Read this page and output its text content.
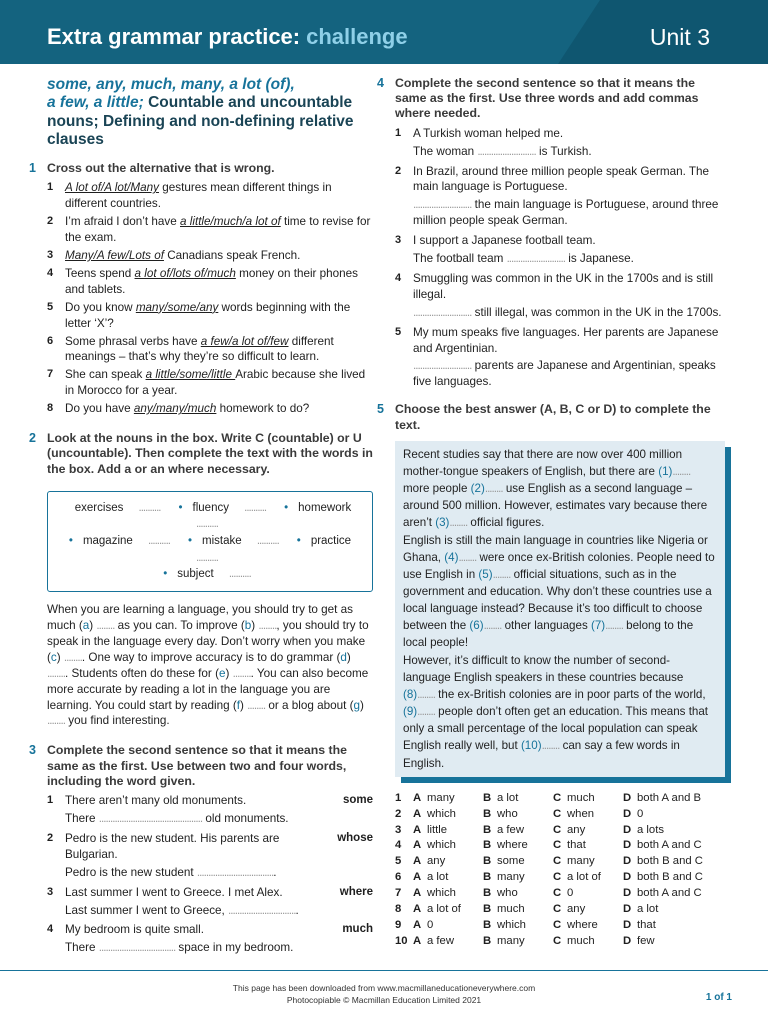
Extra grammar practice: challenge	Unit 3
some, any, much, many, a lot (of),
a few, a little; Countable and uncountable nouns; Defining and non-defining relative clauses
1 Cross out the alternative that is wrong.
1 A lot of/A lot/Many gestures mean different things in different countries.
2 I’m afraid I don’t have a little/much/a lot of time to revise for the exam.
3 Many/A few/Lots of Canadians speak French.
4 Teens spend a lot of/lots of/much money on their phones and tablets.
5 Do you know many/some/any words beginning with the letter ‘X’?
6 Some phrasal verbs have a few/a lot of/few different meanings – that’s why they’re so difficult to learn.
7 She can speak a little/some/little Arabic because she lived in Morocco for a year.
8 Do you have any/many/much homework to do?
2 Look at the nouns in the box. Write C (countable) or U (uncountable). Then complete the text with the words in the box. Add a or an where necessary.
exercises .......... • fluency .......... • homework ..........
• magazine .......... • mistake .......... • practice ..........
• subject ..........
When you are learning a language, you should try to get as much (a) ........ as you can. To improve (b) ........, you should try to speak in the language every day. Don’t worry when you make (c) ......... One way to improve accuracy is to do grammar (d) ......... Students often do these for (e) ......... You can also become more accurate by reading a lot in the language you are learning. You could start by reading (f) ........ or a blog about (g) ........ you find interesting.
3 Complete the second sentence so that it means the same as the first. Use between two and four words, including the word given.
1 There aren’t many old monuments.	some
There .............................................. old monuments.
2 Pedro is the new student. His parents are Bulgarian.
whose
Pedro is the new student ...................................
3 Last summer I went to Greece. I met Alex.	where
Last summer I went to Greece, ...............................
4 My bedroom is quite small.	much
There .................................. space in my bedroom.
4 Complete the second sentence so that it means the same as the first. Use three words and add commas where needed.
1 A Turkish woman helped me.
The woman .......................... is Turkish.
2 In Brazil, around three million people speak German. The main language is Portuguese.
.......................... the main language is Portuguese, around three million people speak German.
3 I support a Japanese football team.
The football team .......................... is Japanese.
4 Smuggling was common in the UK in the 1700s and is still illegal.
.......................... still illegal, was common in the UK in the 1700s.
5 My mum speaks five languages. Her parents are Japanese and Argentinian.
.......................... parents are Japanese and Argentinian, speaks five languages.
5 Choose the best answer (A, B, C or D) to complete the text.
Recent studies say that there are now over 400 million mother-tongue speakers of English, but there are (1)........ more people (2)........ use English as a second language – around 500 million. However, estimates vary because there aren’t (3)........ official figures.
English is still the main language in countries like Nigeria or Ghana, (4)........ were once ex-British colonies. People need to use English in (5)........ official situations, such as in the government and education. Why don’t these countries use a local language instead? Because it’s too difficult to choose between the (6)........ other languages (7)........ belong to the local people!
However, it’s difficult to know the number of second-language English speakers in these countries because (8)........ the ex-British colonies are in poor parts of the world, (9)........ people don’t often get an education. This means that only a small percentage of the local population can speak English really well, but (10)........ can say a few words in English.
1	A	many	B	a lot	C	much	D	both A and B
2	A	which	B	who	C	when	D	0
3	A	little	B	a few	C	any	D	a lots
4	A	which	B	where	C	that	D	both A and C
5	A	any	B	some	C	many	D	both B and C
6	A	a lot	B	many	C	a lot of	D	both B and C
7	A	which	B	who	C	0	D	both A and C
8	A	a lot of	B	much	C	any	D	a lot
9	A	0	B	which	C	where	D	that
10	A	a few	B	many	C	much	D	few
This page has been downloaded from www.macmillaneducationeverywhere.com
Photocopiable © Macmillan Education Limited 2021	1 of 1
